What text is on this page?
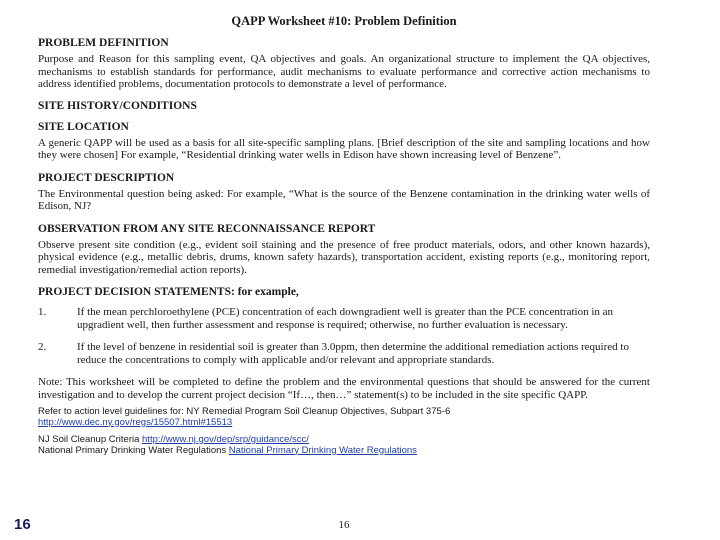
QAPP Worksheet #10: Problem Definition
PROBLEM DEFINITION
Purpose and Reason for this sampling event, QA objectives and goals. An organizational structure to implement the QA objectives, mechanisms to establish standards for performance, audit mechanisms to evaluate performance and corrective action mechanisms to address identified problems, documentation protocols to demonstrate a level of performance.
SITE HISTORY/CONDITIONS
SITE LOCATION
A generic QAPP will be used as a basis for all site-specific sampling plans. [Brief description of the site and sampling locations and how they were chosen] For example, “Residential drinking water wells in Edison have shown increasing level of Benzene”.
PROJECT DESCRIPTION
The Environmental question being asked: For example, “What is the source of the Benzene contamination in the drinking water wells of Edison, NJ?
OBSERVATION FROM ANY SITE RECONNAISSANCE REPORT
Observe present site condition (e.g., evident soil staining and the presence of free product materials, odors, and other known hazards), physical evidence (e.g., metallic debris, drums, known safety hazards), transportation accident, existing reports (e.g., monitoring report, remedial investigation/remedial action reports).
PROJECT DECISION STATEMENTS: for example,
1.	If the mean perchloroethylene (PCE) concentration of each downgradient well is greater than the PCE concentration in an upgradient well, then further assessment and response is required; otherwise, no further evaluation is necessary.
2.	If the level of benzene in residential soil is greater than 3.0ppm, then determine the additional remediation actions required to reduce the concentrations to comply with applicable and/or relevant and appropriate standards.
Note: This worksheet will be completed to define the problem and the environmental questions that should be answered for the current investigation and to develop the current project decision “If…, then…” statement(s) to be included in the site specific QAPP.

Refer to action level guidelines for: NY Remedial Program Soil Cleanup Objectives, Subpart 375-6

http://www.dec.ny.gov/regs/15507.html#15513

NJ Soil Cleanup Criteria http://www.nj.gov/dep/srp/guidance/scc/

National Primary Drinking Water Regulations National Primary Drinking Water Regulations

16
16
